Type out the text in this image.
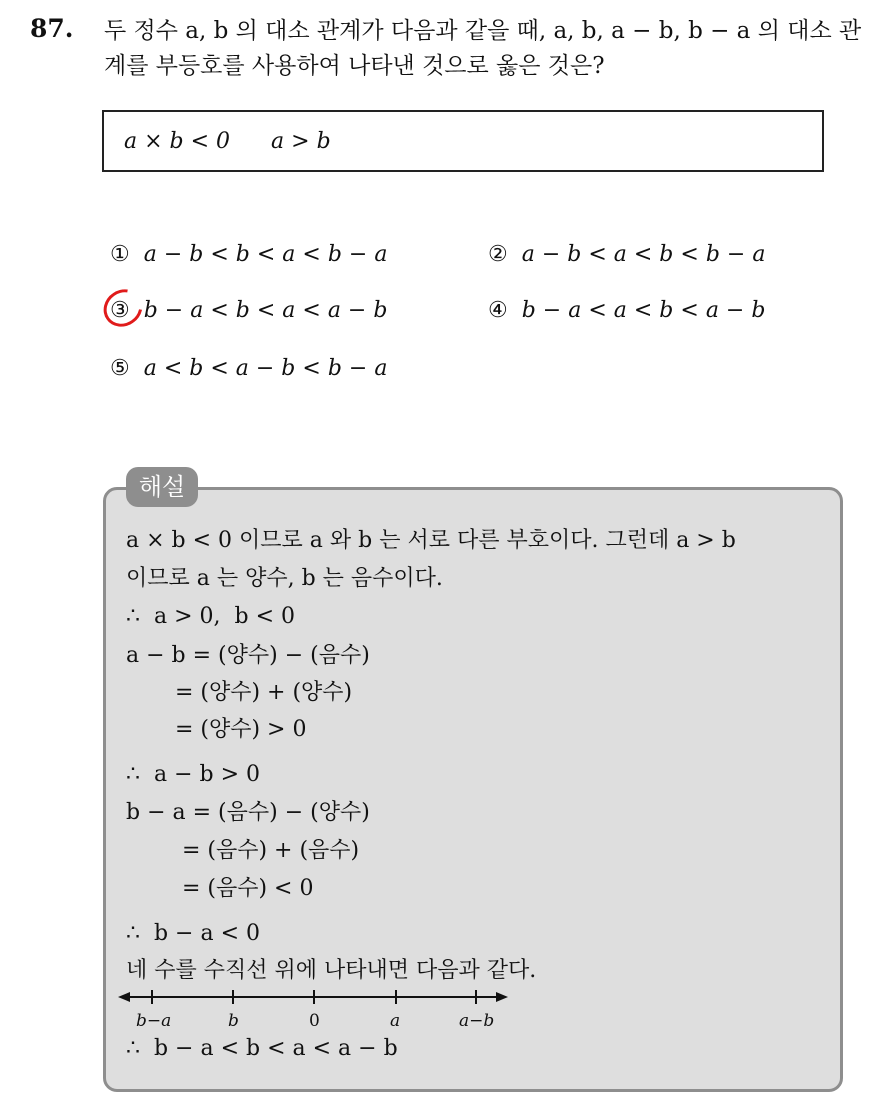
87. 두 정수 a, b 의 대소 관계가 다음과 같을 때, a, b, a − b, b − a 의 대소 관계를 부등호를 사용하여 나타낸 것으로 옳은 것은?
a × b < 0 a > b
① a − b < b < a < b − a	② a − b < a < b < b − a
③ b − a < b < a < a − b	④ b − a < a < b < a − b
⑤ a < b < a − b < b − a
해설
a × b < 0 이므로 a 와 b 는 서로 다른 부호이다. 그런데 a > b
이므로 a 는 양수, b 는 음수이다.
∴  a > 0,  b < 0
a − b = (양수) − (음수)
= (양수) + (양수)
= (양수) > 0
∴  a − b > 0
b − a = (음수) − (양수)
= (음수) + (음수)
= (음수) < 0
∴  b − a < 0
네 수를 수직선 위에 나타내면 다음과 같다.
b−a	b	0	a	a−b
∴  b − a < b < a < a − b
